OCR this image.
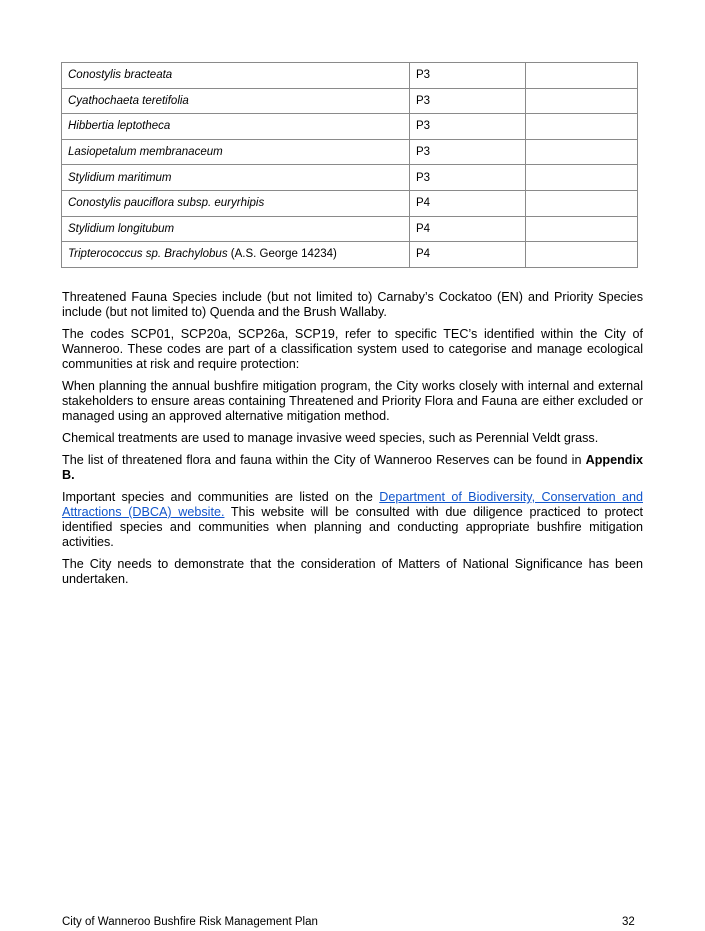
Conostylis bracteata	P3	
Cyathochaeta teretifolia	P3	
Hibbertia leptotheca	P3	
Lasiopetalum membranaceum	P3	
Stylidium maritimum	P3	
Conostylis pauciflora subsp. euryrhipis	P4	
Stylidium longitubum	P4	
Tripterococcus sp. Brachylobus (A.S. George 14234)	P4	

Threatened Fauna Species include (but not limited to) Carnaby’s Cockatoo (EN) and Priority Species include (but not limited to) Quenda and the Brush Wallaby.

The codes SCP01, SCP20a, SCP26a, SCP19, refer to specific TEC’s identified within the City of Wanneroo. These codes are part of a classification system used to categorise and manage ecological communities at risk and require protection:

When planning the annual bushfire mitigation program, the City works closely with internal and external stakeholders to ensure areas containing Threatened and Priority Flora and Fauna are either excluded or managed using an approved alternative mitigation method.

Chemical treatments are used to manage invasive weed species, such as Perennial Veldt grass.

The list of threatened flora and fauna within the City of Wanneroo Reserves can be found in Appendix B.

Important species and communities are listed on the Department of Biodiversity, Conservation and Attractions (DBCA) website. This website will be consulted with due diligence practiced to protect identified species and communities when planning and conducting appropriate bushfire mitigation activities.

The City needs to demonstrate that the consideration of Matters of National Significance has been undertaken.

City of Wanneroo Bushfire Risk Management Plan	32
